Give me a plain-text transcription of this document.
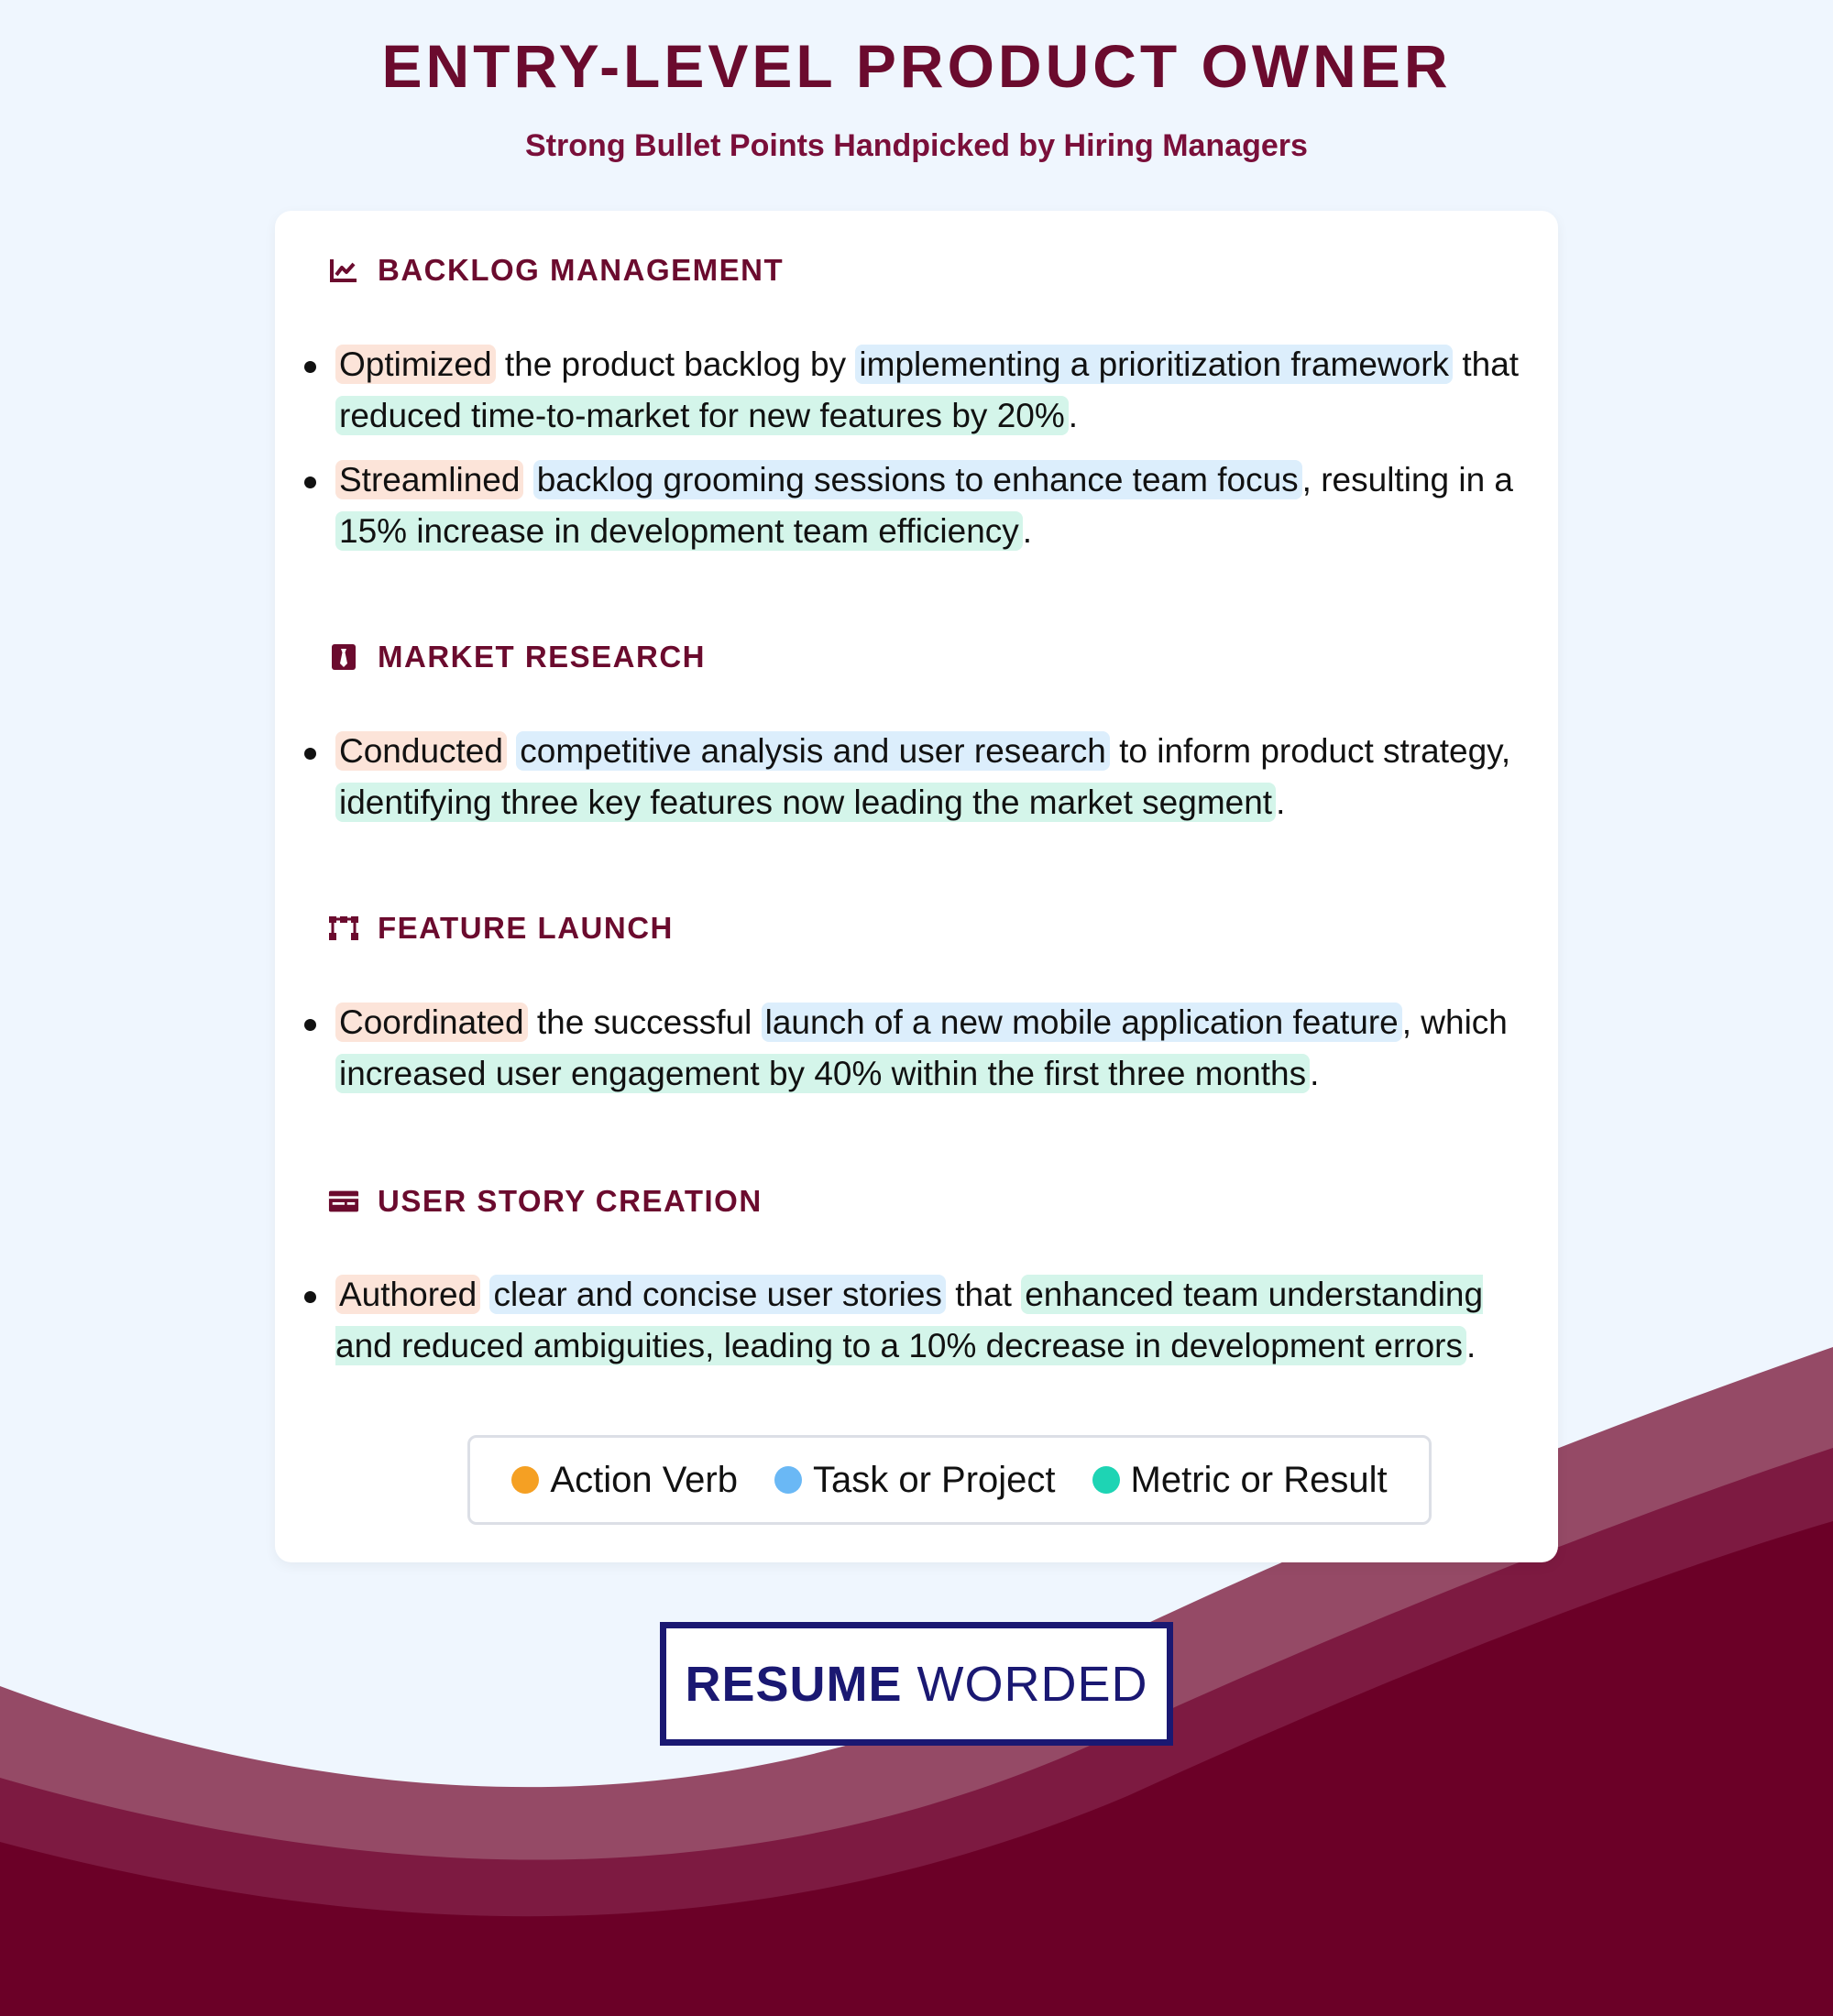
ENTRY-LEVEL PRODUCT OWNER
Strong Bullet Points Handpicked by Hiring Managers
BACKLOG MANAGEMENT
Optimized the product backlog by implementing a prioritization framework that reduced time-to-market for new features by 20% .
Streamlined backlog grooming sessions to enhance team focus , resulting in a 15% increase in development team efficiency .
MARKET RESEARCH
Conducted competitive analysis and user research to inform product strategy, identifying three key features now leading the market segment .
FEATURE LAUNCH
Coordinated the successful launch of a new mobile application feature , which increased user engagement by 40% within the first three months .
USER STORY CREATION
Authored clear and concise user stories that enhanced team understanding and reduced ambiguities, leading to a 10% decrease in development errors .
Action Verb Task or Project Metric or Result
RESUME WORDED
